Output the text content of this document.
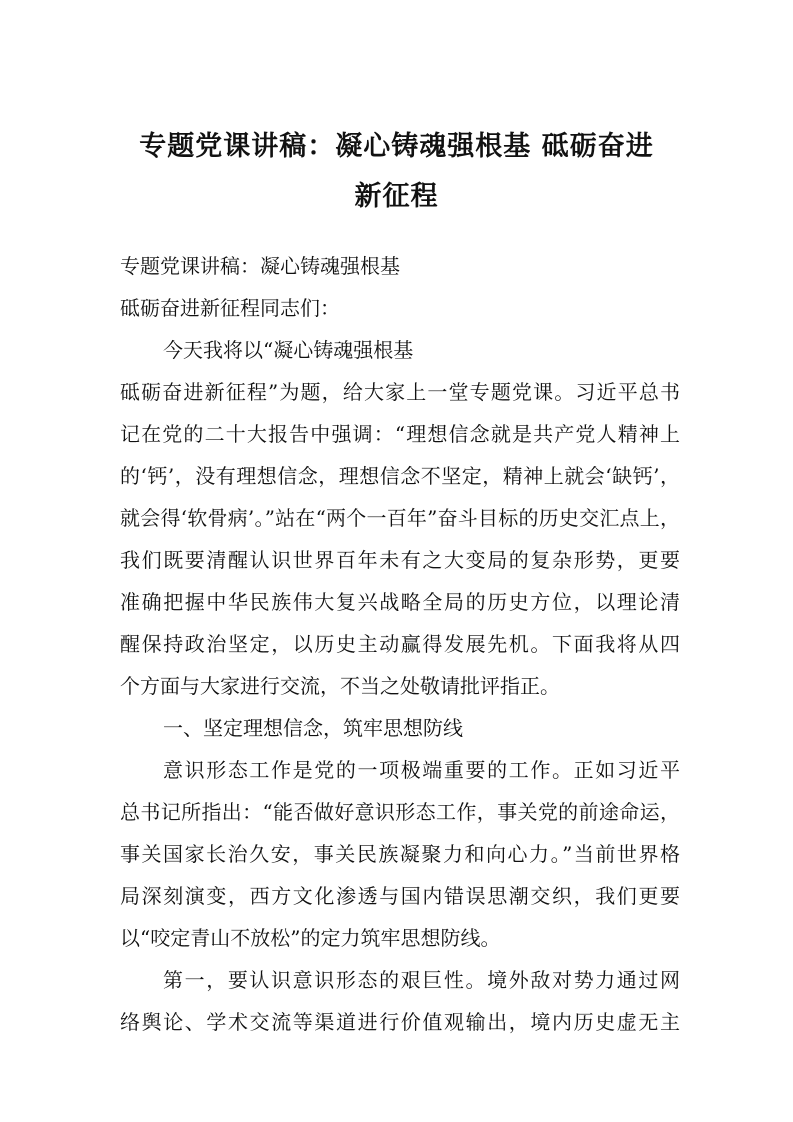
专题党课讲稿：凝心铸魂强根基 砥砺奋进
新征程

专题党课讲稿：凝心铸魂强根基

砥砺奋进新征程同志们：

今天我将以“凝心铸魂强根基

砥砺奋进新征程”为题，给大家上一堂专题党课。习近平总书

记在党的二十大报告中强调：“理想信念就是共产党人精神上

的‘钙’，没有理想信念，理想信念不坚定，精神上就会‘缺钙’，

就会得‘软骨病’。”站在“两个一百年”奋斗目标的历史交汇点上，

我们既要清醒认识世界百年未有之大变局的复杂形势，更要

准确把握中华民族伟大复兴战略全局的历史方位，以理论清

醒保持政治坚定，以历史主动赢得发展先机。下面我将从四

个方面与大家进行交流，不当之处敬请批评指正。

一、坚定理想信念，筑牢思想防线

意识形态工作是党的一项极端重要的工作。正如习近平

总书记所指出：“能否做好意识形态工作，事关党的前途命运，

事关国家长治久安，事关民族凝聚力和向心力。”当前世界格

局深刻演变，西方文化渗透与国内错误思潮交织，我们更要

以“咬定青山不放松”的定力筑牢思想防线。

第一，要认识意识形态的艰巨性。境外敌对势力通过网

络舆论、学术交流等渠道进行价值观输出，境内历史虚无主
